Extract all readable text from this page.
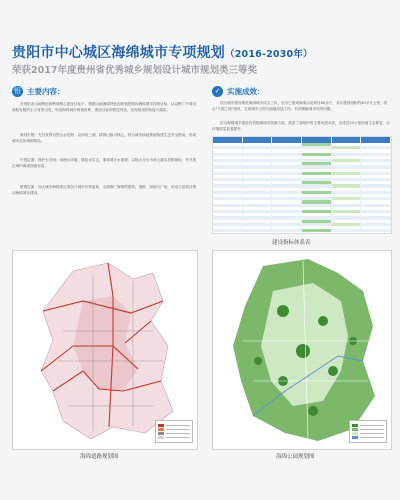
贵阳市中心城区海绵城市专项规划（2016-2030年）
荣获2017年度贵州省优秀城乡规划设计城市规划类三等奖
铅 主要内容：

在贵阳市山地特色和黔城核心建设目标下，根据山地海绵特色的规划思路和海绵城市控制目标，从以黔广中城市面积有限的水文背景出发，形成海绵城市规划体系，建设目标和管控内容，实现规划的衔接与落实。

规划宏观：充分发挥自然山水优势，以四河三湖、群源山脉为核心，结合城市绿地系统构建生态安全格局，形成城市总体海绵格局。

中观层面：保护水空间，治理水环境，修复水生态，重构城市水系统；以排水分区为单元落实控制指标，并开展区域内海绵措施布局。

微观层面：加大城市海绵项目建设与城市有机更新，全面推广海绵型建筑、道路、绿地与广场，形成示范项目推动海绵城市建设。

✓ 实施成效：

结合城市建设推进海绵城市试点工作，至今已建成海绵示范项目60余个，共计建设面积约40平方公里；结合"千园之城"建设，完成城市公园与绿地改造工作，有效缓解城市内涝问题。

结合海绵城市建设有效削减城市面源污染，改善了南明河等主要河道水质，完成近20公里河道生态修复，水环境质量显著提升。

建设指标体系表
海绵道路规划图	海绵公园规划图
